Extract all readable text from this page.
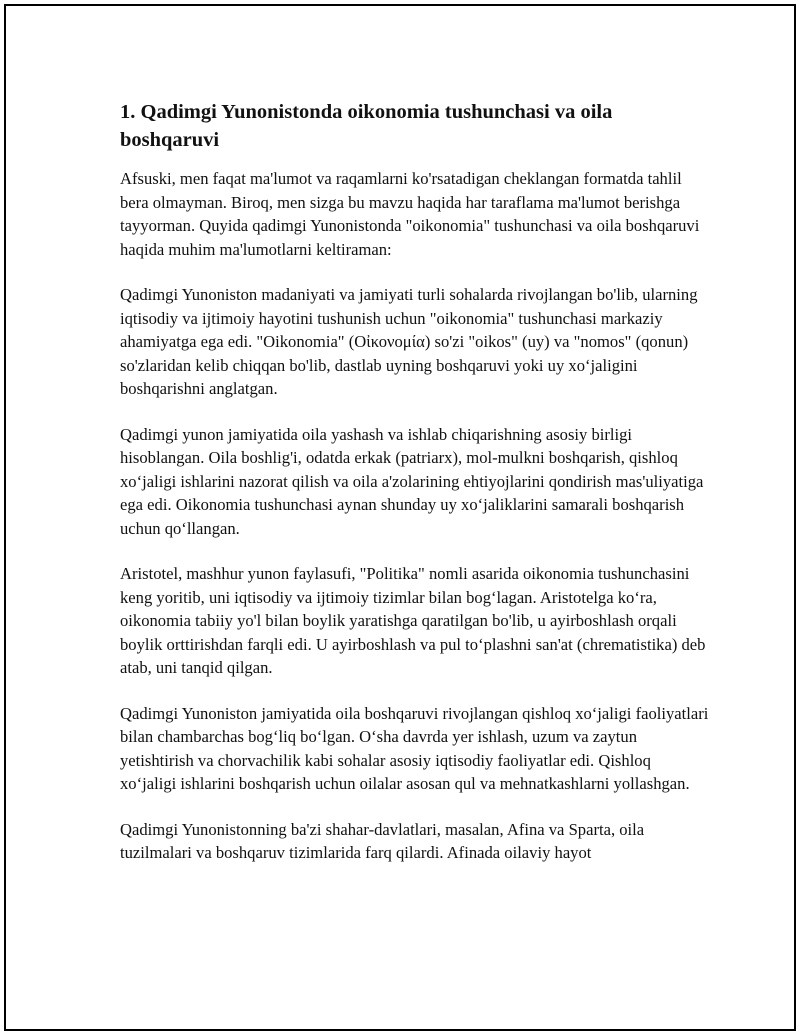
1. Qadimgi Yunonistonda oikonomia tushunchasi va oila boshqaruvi

Afsuski, men faqat ma'lumot va raqamlarni ko'rsatadigan cheklangan formatda tahlil bera olmayman. Biroq, men sizga bu mavzu haqida har taraflama ma'lumot berishga tayyorman. Quyida qadimgi Yunonistonda "oikonomia" tushunchasi va oila boshqaruvi haqida muhim ma'lumotlarni keltiraman:

Qadimgi Yunoniston madaniyati va jamiyati turli sohalarda rivojlangan bo'lib, ularning iqtisodiy va ijtimoiy hayotini tushunish uchun "oikonomia" tushunchasi markaziy ahamiyatga ega edi. "Oikonomia" (Οἰκονομία) so'zi "oikos" (uy) va "nomos" (qonun) so'zlaridan kelib chiqqan bo'lib, dastlab uyning boshqaruvi yoki uy xo‘jaligini boshqarishni anglatgan.

Qadimgi yunon jamiyatida oila yashash va ishlab chiqarishning asosiy birligi hisoblangan. Oila boshlig'i, odatda erkak (patriarx), mol-mulkni boshqarish, qishloq xo‘jaligi ishlarini nazorat qilish va oila a'zolarining ehtiyojlarini qondirish mas'uliyatiga ega edi. Oikonomia tushunchasi aynan shunday uy xo‘jaliklarini samarali boshqarish uchun qo‘llangan.

Aristotel, mashhur yunon faylasufi, "Politika" nomli asarida oikonomia tushunchasini keng yoritib, uni iqtisodiy va ijtimoiy tizimlar bilan bog‘lagan. Aristotelga ko‘ra, oikonomia tabiiy yo'l bilan boylik yaratishga qaratilgan bo'lib, u ayirboshlash orqali boylik orttirishdan farqli edi. U ayirboshlash va pul to‘plashni san'at (chrematistika) deb atab, uni tanqid qilgan.

Qadimgi Yunoniston jamiyatida oila boshqaruvi rivojlangan qishloq xo‘jaligi faoliyatlari bilan chambarchas bog‘liq bo‘lgan. O‘sha davrda yer ishlash, uzum va zaytun yetishtirish va chorvachilik kabi sohalar asosiy iqtisodiy faoliyatlar edi. Qishloq xo‘jaligi ishlarini boshqarish uchun oilalar asosan qul va mehnatkashlarni yollashgan.

Qadimgi Yunonistonning ba'zi shahar-davlatlari, masalan, Afina va Sparta, oila tuzilmalari va boshqaruv tizimlarida farq qilardi. Afinada oilaviy hayot
